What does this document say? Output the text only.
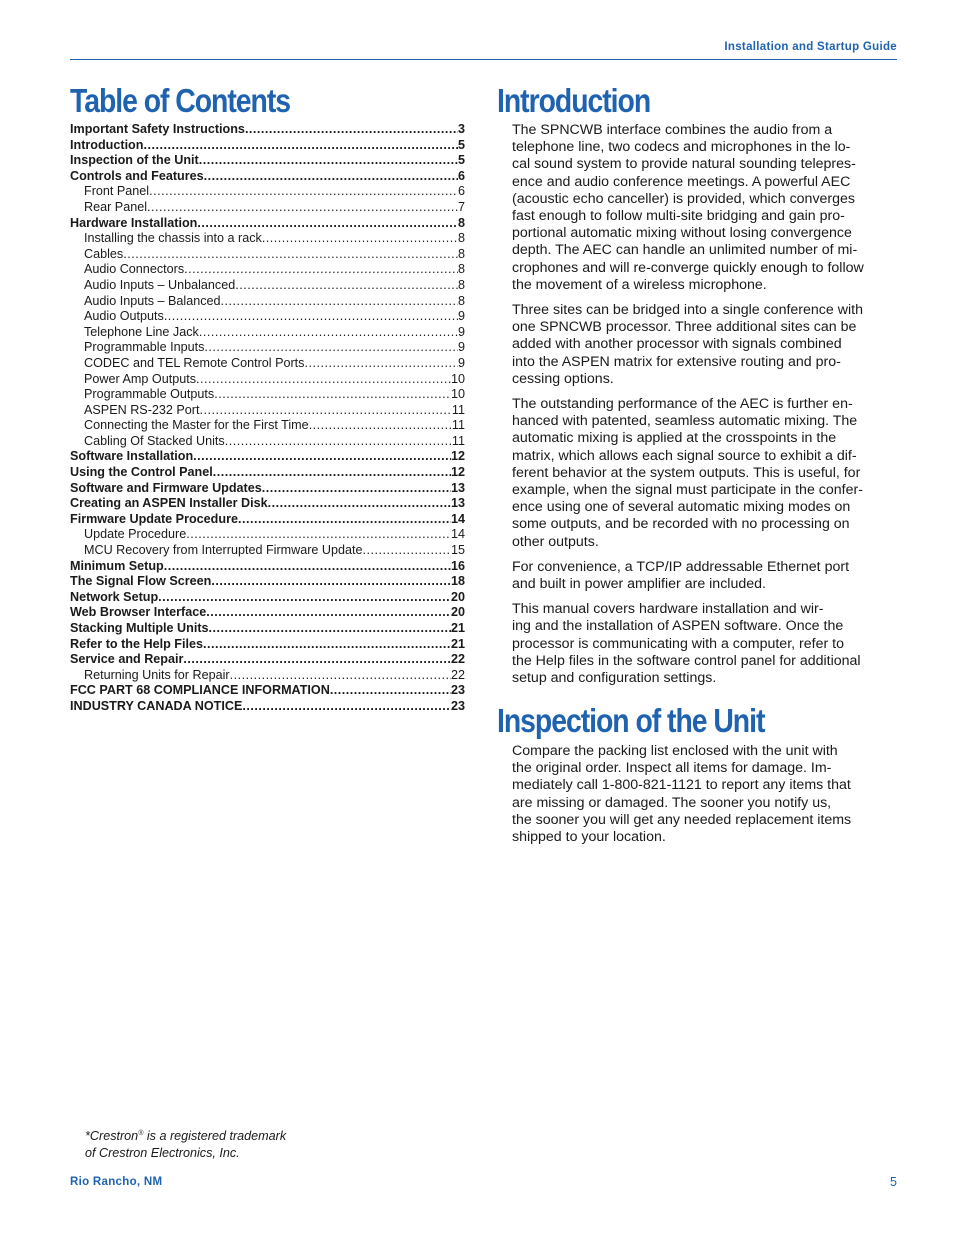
Installation and Startup Guide
Table of Contents
Important Safety Instructions .....	3
Introduction .....	5
Inspection of the Unit .....	5
Controls and Features .....	6
Front Panel .....	6
Rear Panel .....	7
Hardware Installation .....	8
Installing the chassis into a rack .....	8
Cables .....	8
Audio Connectors .....	8
Audio Inputs – Unbalanced .....	8
Audio Inputs – Balanced .....	8
Audio Outputs .....	9
Telephone Line Jack .....	9
Programmable Inputs .....	9
CODEC and TEL Remote Control Ports .....	9
Power Amp Outputs .....	10
Programmable Outputs .....	10
ASPEN RS-232 Port .....	11
Connecting the Master for the First Time .....	11
Cabling Of Stacked Units .....	11
Software Installation .....	12
Using the Control Panel .....	12
Software and Firmware Updates .....	13
Creating an ASPEN Installer Disk .....	13
Firmware Update Procedure .....	14
Update Procedure .....	14
MCU Recovery from Interrupted Firmware Update .....	15
Minimum Setup .....	16
The Signal Flow Screen .....	18
Network Setup .....	20
Web Browser Interface .....	20
Stacking Multiple Units .....	21
Refer to the Help Files .....	21
Service and Repair .....	22
Returning Units for Repair .....	22
FCC PART 68 COMPLIANCE INFORMATION .....	23
INDUSTRY CANADA NOTICE .....	23
Introduction

The SPNCWB interface combines the audio from a
telephone line, two codecs and microphones in the lo-
cal sound system to provide natural sounding telepres-
ence and audio conference meetings. A powerful AEC
(acoustic echo canceller) is provided, which converges
fast enough to follow multi-site bridging and gain pro-
portional automatic mixing without losing convergence
depth. The AEC can handle an unlimited number of mi-
crophones and will re-converge quickly enough to follow
the movement of a wireless microphone.

Three sites can be bridged into a single conference with
one SPNCWB processor. Three additional sites can be
added with another processor with signals combined
into the ASPEN matrix for extensive routing and pro-
cessing options.

The outstanding performance of the AEC is further en-
hanced with patented, seamless automatic mixing. The
automatic mixing is applied at the crosspoints in the
matrix, which allows each signal source to exhibit a dif-
ferent behavior at the system outputs. This is useful, for
example, when the signal must participate in the confer-
ence using one of several automatic mixing modes on
some outputs, and be recorded with no processing on
other outputs.

For convenience, a TCP/IP addressable Ethernet port
and built in power amplifier are included.

This manual covers hardware installation and wir-
ing and the installation of ASPEN software. Once the
processor is communicating with a computer, refer to
the Help files in the software control panel for additional
setup and configuration settings.

Inspection of the Unit

Compare the packing list enclosed with the unit with
the original order. Inspect all items for damage. Im-
mediately call 1-800-821-1121 to report any items that
are missing or damaged. The sooner you notify us,
the sooner you will get any needed replacement items
shipped to your location.

*Crestron® is a registered trademark
of Crestron Electronics, Inc.
Rio Rancho, NM	5
